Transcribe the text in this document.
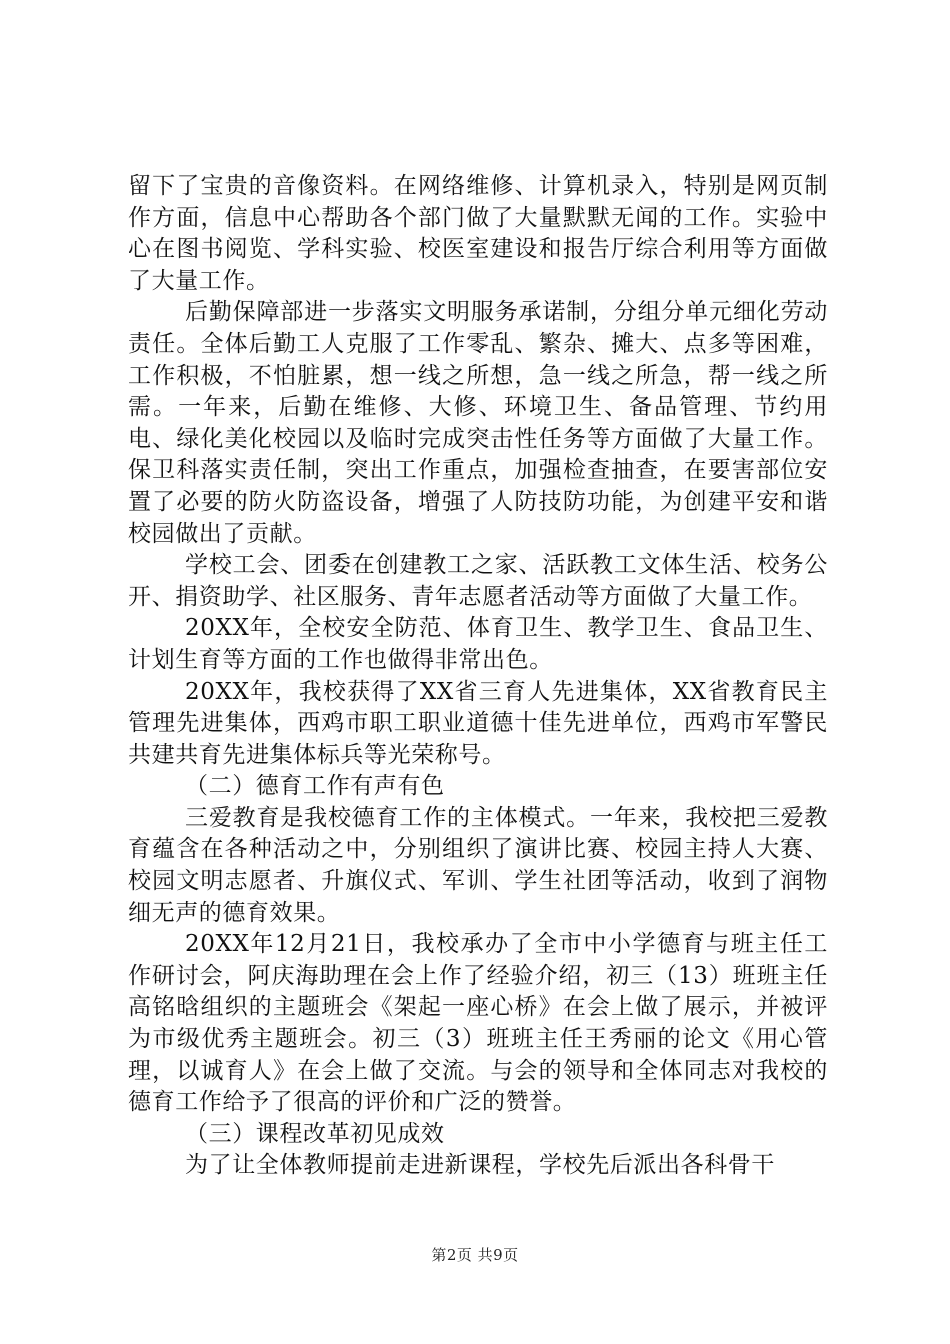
留下了宝贵的音像资料。在网络维修、计算机录入，特别是网页制作方面，信息中心帮助各个部门做了大量默默无闻的工作。实验中心在图书阅览、学科实验、校医室建设和报告厅综合利用等方面做了大量工作。

后勤保障部进一步落实文明服务承诺制，分组分单元细化劳动责任。全体后勤工人克服了工作零乱、繁杂、摊大、点多等困难，工作积极，不怕脏累，想一线之所想，急一线之所急，帮一线之所需。一年来，后勤在维修、大修、环境卫生、备品管理、节约用电、绿化美化校园以及临时完成突击性任务等方面做了大量工作。保卫科落实责任制，突出工作重点，加强检查抽查，在要害部位安置了必要的防火防盗设备，增强了人防技防功能，为创建平安和谐校园做出了贡献。

学校工会、团委在创建教工之家、活跃教工文体生活、校务公开、捐资助学、社区服务、青年志愿者活动等方面做了大量工作。

20XX年，全校安全防范、体育卫生、教学卫生、食品卫生、计划生育等方面的工作也做得非常出色。

20XX年，我校获得了XX省三育人先进集体，XX省教育民主管理先进集体，西鸡市职工职业道德十佳先进单位，西鸡市军警民共建共育先进集体标兵等光荣称号。

（二）德育工作有声有色

三爱教育是我校德育工作的主体模式。一年来，我校把三爱教育蕴含在各种活动之中，分别组织了演讲比赛、校园主持人大赛、校园文明志愿者、升旗仪式、军训、学生社团等活动，收到了润物细无声的德育效果。

20XX年12月21日，我校承办了全市中小学德育与班主任工作研讨会，阿庆海助理在会上作了经验介绍，初三（13）班班主任高铭晗组织的主题班会《架起一座心桥》在会上做了展示，并被评为市级优秀主题班会。初三（3）班班主任王秀丽的论文《用心管理，以诚育人》在会上做了交流。与会的领导和全体同志对我校的德育工作给予了很高的评价和广泛的赞誉。

（三）课程改革初见成效

为了让全体教师提前走进新课程，学校先后派出各科骨干

第2页 共9页
